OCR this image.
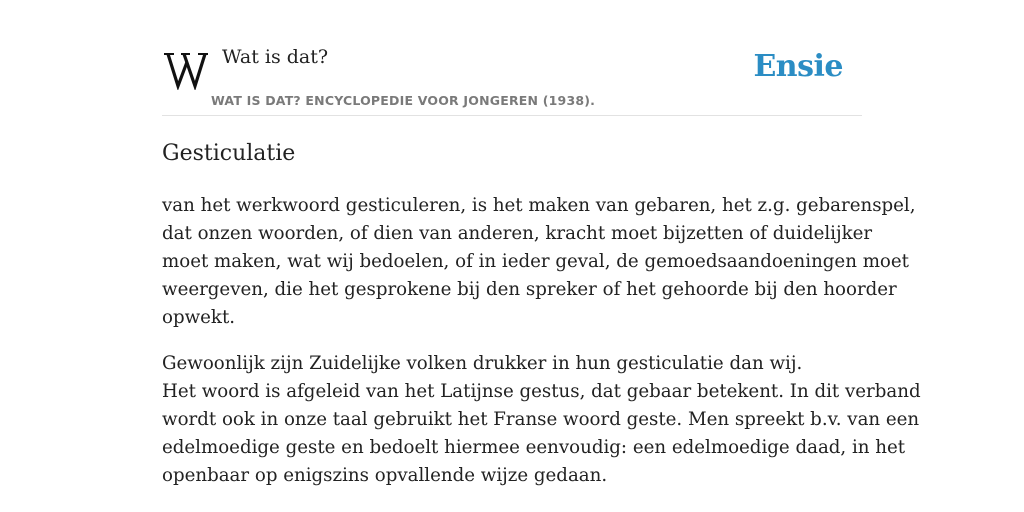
Wat is dat?
WAT IS DAT? ENCYCLOPEDIE VOOR JONGEREN (1938).
Ensie
Gesticulatie

van het werkwoord gesticuleren, is het maken van gebaren, het z.g. gebarenspel,
dat onzen woorden, of dien van anderen, kracht moet bijzetten of duidelijker
moet maken, wat wij bedoelen, of in ieder geval, de gemoedsaandoeningen moet
weergeven, die het gesprokene bij den spreker of het gehoorde bij den hoorder
opwekt.

Gewoonlijk zijn Zuidelijke volken drukker in hun gesticulatie dan wij.
Het woord is afgeleid van het Latijnse gestus, dat gebaar betekent. In dit verband
wordt ook in onze taal gebruikt het Franse woord geste. Men spreekt b.v. van een
edelmoedige geste en bedoelt hiermee eenvoudig: een edelmoedige daad, in het
openbaar op enigszins opvallende wijze gedaan.
